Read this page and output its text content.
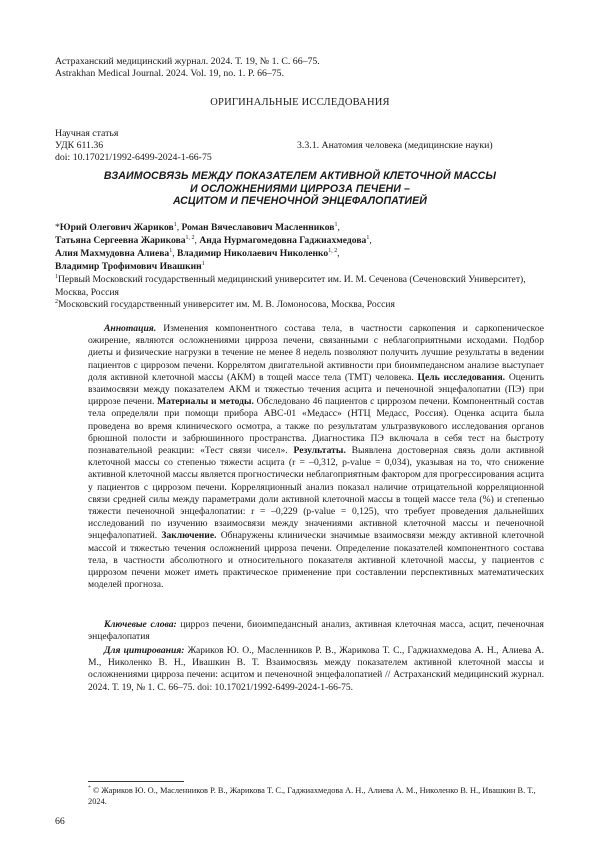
Астраханский медицинский журнал. 2024. Т. 19, № 1. С. 66–75.
Astrakhan Medical Journal. 2024. Vol. 19, no. 1. P. 66–75.
ОРИГИНАЛЬНЫЕ ИССЛЕДОВАНИЯ
Научная статья
УДК 611.36	3.3.1. Анатомия человека (медицинские науки)
doi: 10.17021/1992-6499-2024-1-66-75
ВЗАИМОСВЯЗЬ МЕЖДУ ПОКАЗАТЕЛЕМ АКТИВНОЙ КЛЕТОЧНОЙ МАССЫ
И ОСЛОЖНЕНИЯМИ ЦИРРОЗА ПЕЧЕНИ –
АСЦИТОМ И ПЕЧЕНОЧНОЙ ЭНЦЕФАЛОПАТИЕЙ
*Юрий Олегович Жариков$^1$, Роман Вячеславович Масленников$^1$,
Татьяна Сергеевна Жарикова$^{1, 2}$, Анда Нурмагомедовна Гаджиахмедова$^1$,
Алия Махмудовна Алиева$^1$, Владимир Николаевич Николенко$^{1, 2}$,
Владимир Трофимович Ивашкин$^1$
$^1$Первый Московский государственный медицинский университет им. И. М. Сеченова (Сеченовский Университет), Москва, Россия
$^2$Московский государственный университет им. М. В. Ломоносова, Москва, Россия
Аннотация. Изменения компонентного состава тела, в частности саркопения и саркопеническое ожирение, являются осложнениями цирроза печени, связанными с неблагоприятными исходами. Подбор диеты и физические нагрузки в течение не менее 8 недель позволяют получить лучшие результаты в ведении пациентов с циррозом печени. Коррелятом двигательной активности при биоимпедансном анализе выступает доля активной клеточной массы (АКМ) в тощей массе тела (ТМТ) человека. Цель исследования. Оценить взаимосвязи между показателем АКМ и тяжестью течения асцита и печеночной энцефалопатии (ПЭ) при циррозе печени. Материалы и методы. Обследовано 46 пациентов с циррозом печени. Компонентный состав тела определяли при помощи прибора АВС-01 «Медасс» (НТЦ Медасс, Россия). Оценка асцита была проведена во время клинического осмотра, а также по результатам ультразвукового исследования органов брюшной полости и забрюшинного пространства. Диагностика ПЭ включала в себя тест на быстроту познавательной реакции: «Тест связи чисел». Результаты. Выявлена достоверная связь доли активной клеточной массы со степенью тяжести асцита (r = –0,312, p-value = 0,034), указывая на то, что снижение активной клеточной массы является прогностически неблагоприятным фактором для прогрессирования асцита у пациентов с циррозом печени. Корреляционный анализ показал наличие отрицательной корреляционной связи средней силы между параметрами доли активной клеточной массы в тощей массе тела (%) и степенью тяжести печеночной энцефалопатии: r = –0,229 (p-value = 0,125), что требует проведения дальнейших исследований по изучению взаимосвязи между значениями активной клеточной массы и печеночной энцефалопатией. Заключение. Обнаружены клинически значимые взаимосвязи между активной клеточной массой и тяжестью течения осложнений цирроза печени. Определение показателей компонентного состава тела, в частности абсолютного и относительного показателя активной клеточной массы, у пациентов с циррозом печени может иметь практическое применение при составлении перспективных математических моделей прогноза.
Ключевые слова: цирроз печени, биоимпедансный анализ, активная клеточная масса, асцит, печеночная энцефалопатия
Для цитирования: Жариков Ю. О., Масленников Р. В., Жарикова Т. С., Гаджиахмедова А. Н., Алиева А. М., Николенко В. Н., Ивашкин В. Т. Взаимосвязь между показателем активной клеточной массы и осложнениями цирроза печени: асцитом и печеночной энцефалопатией // Астраханский медицинский журнал. 2024. Т. 19, № 1. С. 66–75. doi: 10.17021/1992-6499-2024-1-66-75.
* © Жариков Ю. О., Масленников Р. В., Жарикова Т. С., Гаджиахмедова А. Н., Алиева А. М., Николенко В. Н., Ивашкин В. Т., 2024.
66
